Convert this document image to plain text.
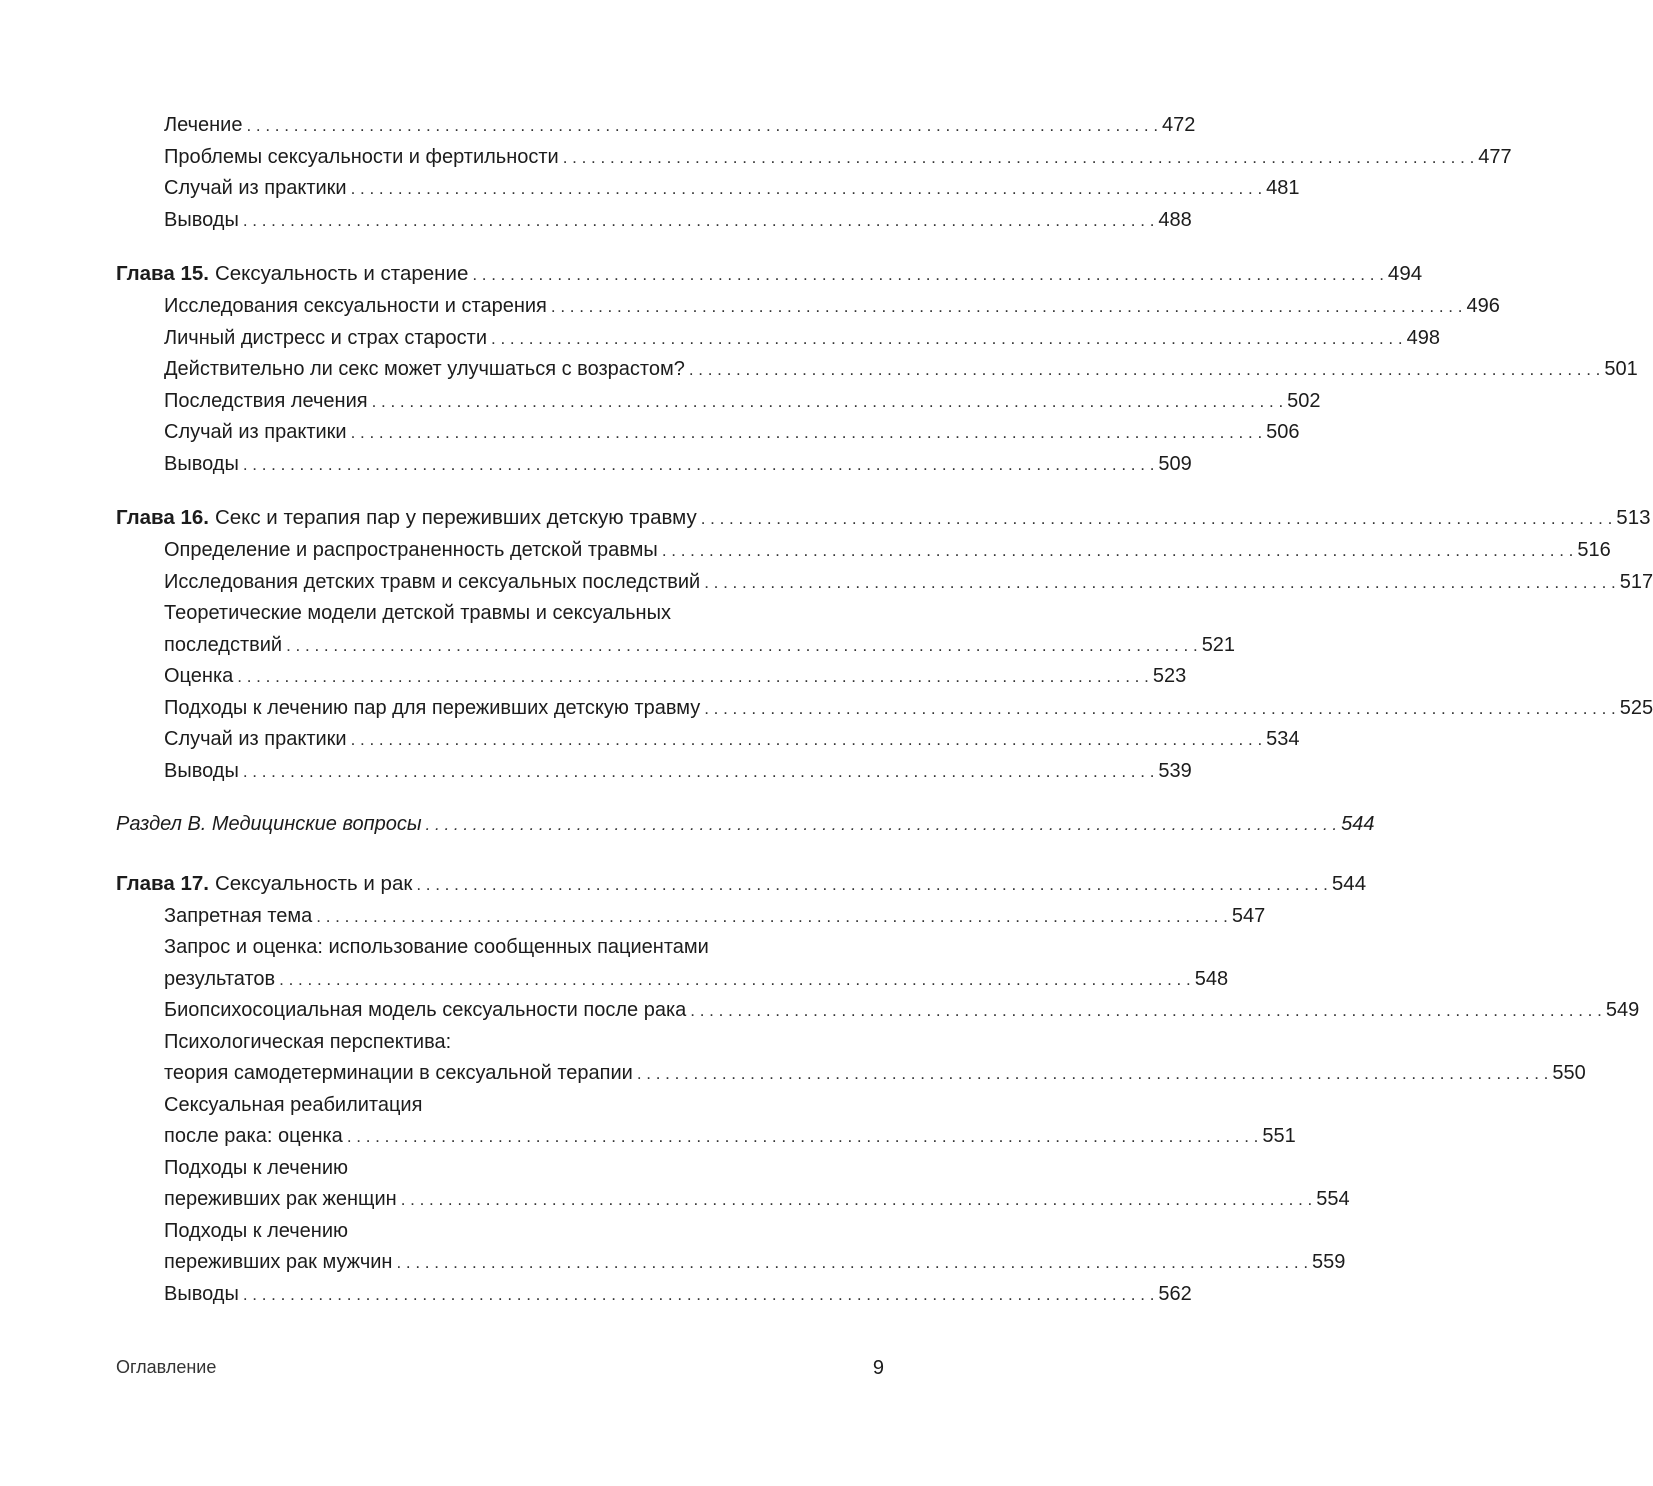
Лечение . . .	472
Проблемы сексуальности и фертильности . . .	477
Случай из практики . . .	481
Выводы . . .	488
Глава 15. Сексуальность и старение . . .	494
Исследования сексуальности и старения . . .	496
Личный дистресс и страх старости . . .	498
Действительно ли секс может улучшаться с возрастом? . . .	501
Последствия лечения . . .	502
Случай из практики . . .	506
Выводы . . .	509
Глава 16. Секс и терапия пар у переживших детскую травму . . .	513
Определение и распространенность детской травмы . . .	516
Исследования детских травм и сексуальных последствий . . .	517
Теоретические модели детской травмы и сексуальных
последствий . . .	521
Оценка . . .	523
Подходы к лечению пар для переживших детскую травму . . .	525
Случай из практики . . .	534
Выводы . . .	539
Раздел В. Медицинские вопросы . . .	544
Глава 17. Сексуальность и рак . . .	544
Запретная тема . . .	547
Запрос и оценка: использование сообщенных пациентами
результатов . . .	548
Биопсихосоциальная модель сексуальности после рака . . .	549
Психологическая перспектива:
теория самодетерминации в сексуальной терапии . . .	550
Сексуальная реабилитация
после рака: оценка . . .	551
Подходы к лечению
переживших рак женщин . . .	554
Подходы к лечению
переживших рак мужчин . . .	559
Выводы . . .	562
Оглавление	9
